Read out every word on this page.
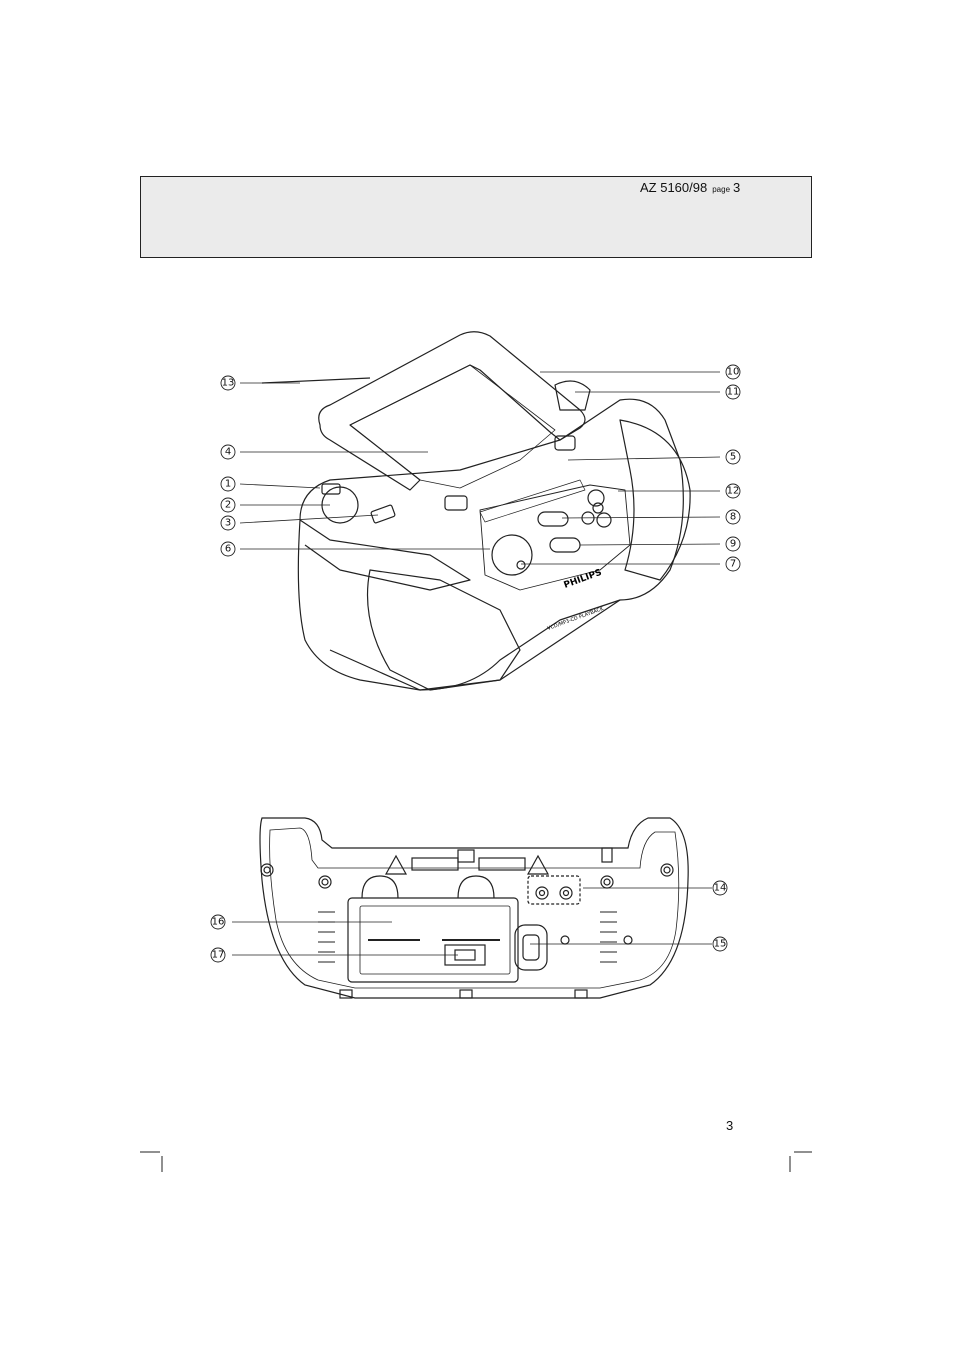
AZ 5160/98 page 3
PHILIPS
VCD/MP3-CD PLAYBACK
13
4
1
2
3
6
10
11
5
12
8
9
7
14
15
16
17
3
